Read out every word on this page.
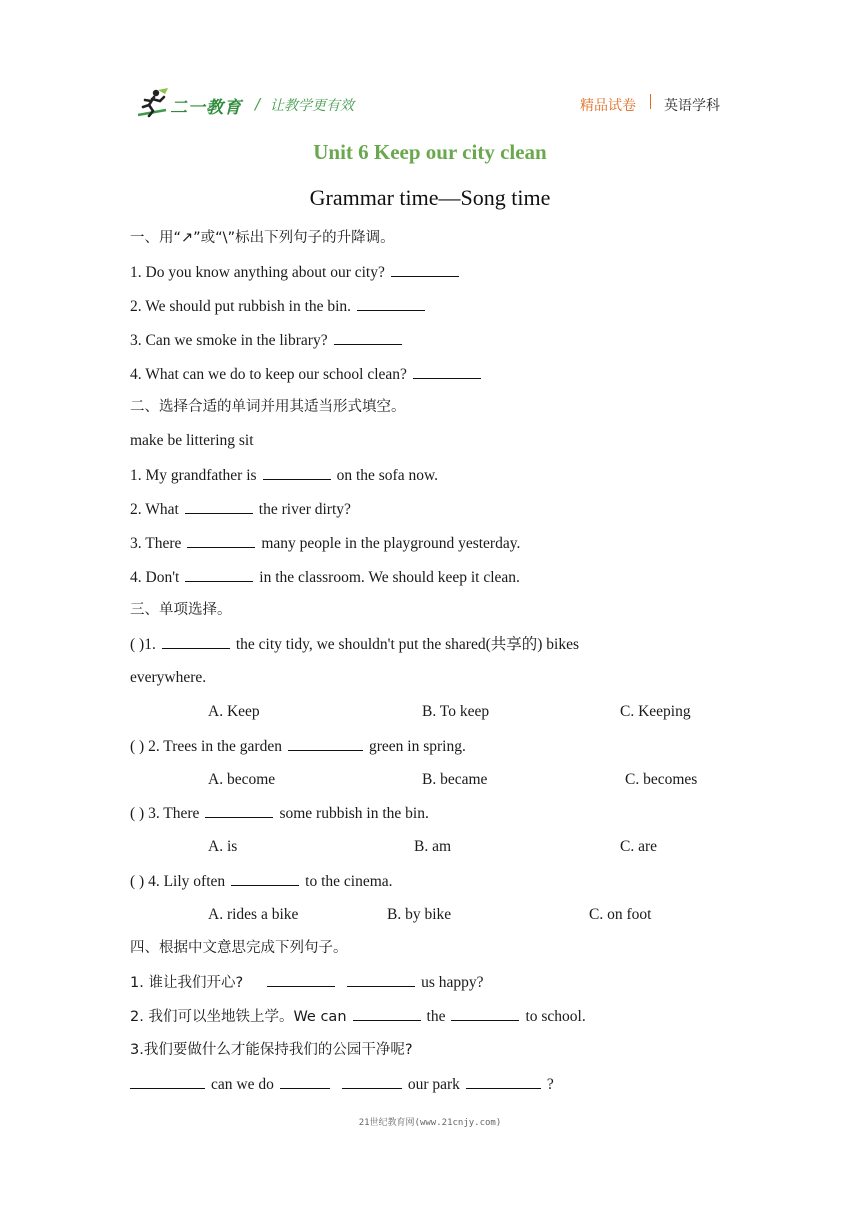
二一教育 / 让教学更有效	精品试卷 英语学科
Unit 6 Keep our city clean
Grammar time—Song time
一、用“↗”或“\”标出下列句子的升降调。
1. Do you know anything about our city?
2. We should put rubbish in the bin.
3. Can we smoke in the library?
4. What can we do to keep our school clean?
二、选择合适的单词并用其适当形式填空。
make be littering sit
1. My grandfather is	on the sofa now.
2. What	the river dirty?
3. There	many people in the playground yesterday.
4. Don't	in the classroom. We should keep it clean.
三、单项选择。
( )1.	the city tidy, we shouldn't put the shared(共享的) bikes
everywhere.
A. Keep	B. To keep	C. Keeping
( ) 2. Trees in the garden	green in spring.
A. become	B. became	C. becomes
( ) 3. There	some rubbish in the bin.
A. is	B. am	C. are
( ) 4. Lily often	to the cinema.
A. rides a bike	B. by bike	C. on foot
四、根据中文意思完成下列句子。
1. 谁让我们开心?	us happy?
2. 我们可以坐地铁上学。We can	the	to school.
3.我们要做什么才能保持我们的公园干净呢?
can we do	our park	?
21世纪教育网(www.21cnjy.com)
